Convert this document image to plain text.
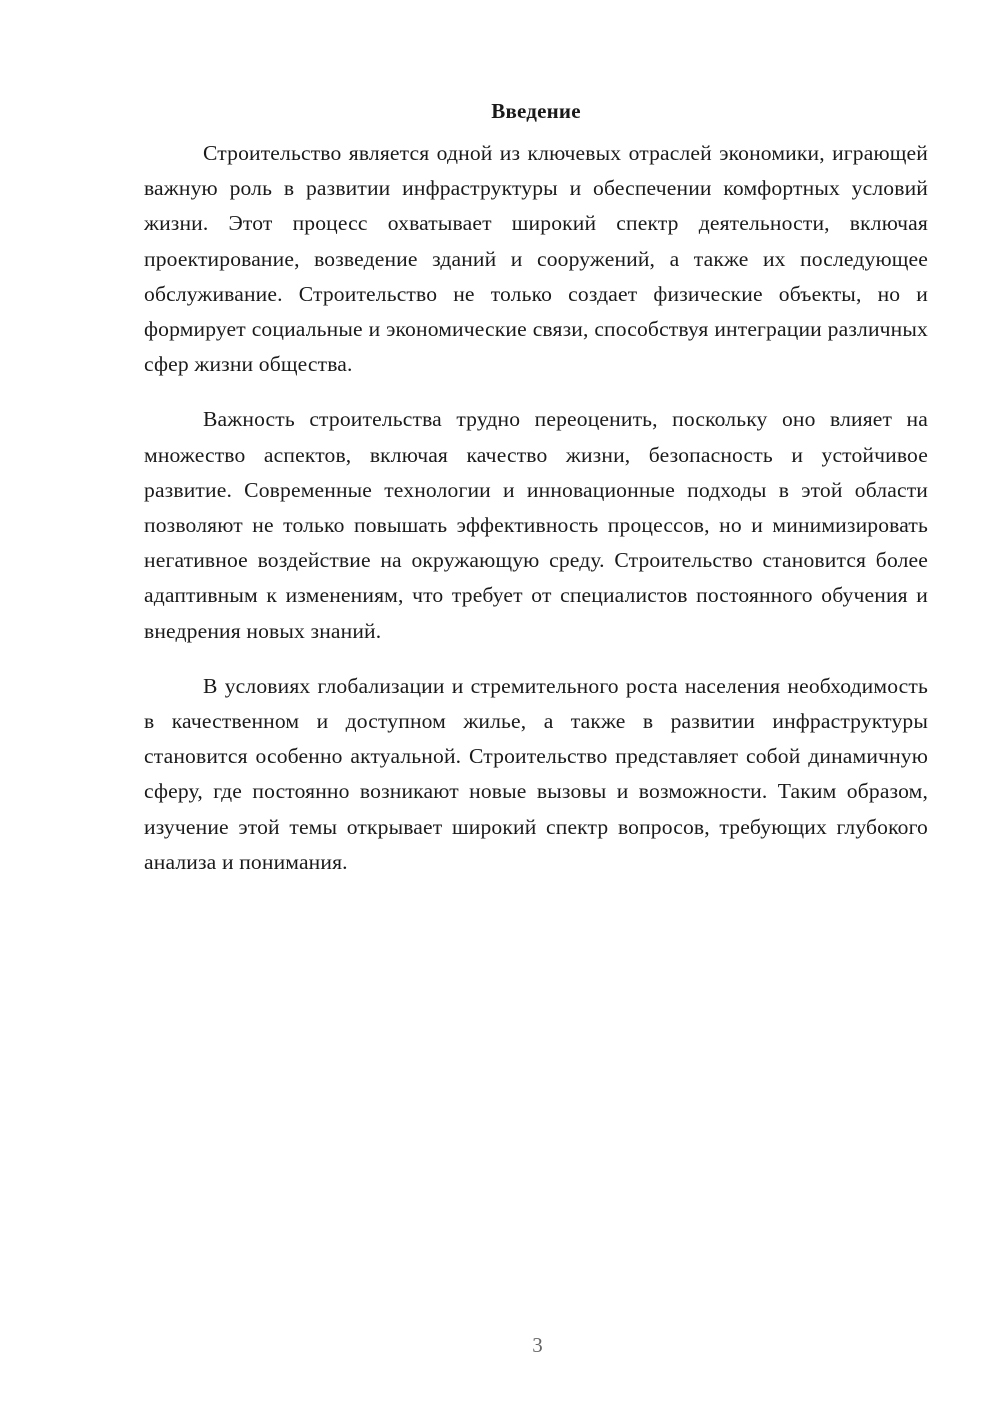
Введение

Строительство является одной из ключевых отраслей экономики, играющей важную роль в развитии инфраструктуры и обеспечении комфортных условий жизни. Этот процесс охватывает широкий спектр деятельности, включая проектирование, возведение зданий и сооружений, а также их последующее обслуживание. Строительство не только создает физические объекты, но и формирует социальные и экономические связи, способствуя интеграции различных сфер жизни общества.

Важность строительства трудно переоценить, поскольку оно влияет на множество аспектов, включая качество жизни, безопасность и устойчивое развитие. Современные технологии и инновационные подходы в этой области позволяют не только повышать эффективность процессов, но и минимизировать негативное воздействие на окружающую среду. Строительство становится более адаптивным к изменениям, что требует от специалистов постоянного обучения и внедрения новых знаний.

В условиях глобализации и стремительного роста населения необходимость в качественном и доступном жилье, а также в развитии инфраструктуры становится особенно актуальной. Строительство представляет собой динамичную сферу, где постоянно возникают новые вызовы и возможности. Таким образом, изучение этой темы открывает широкий спектр вопросов, требующих глубокого анализа и понимания.

3
